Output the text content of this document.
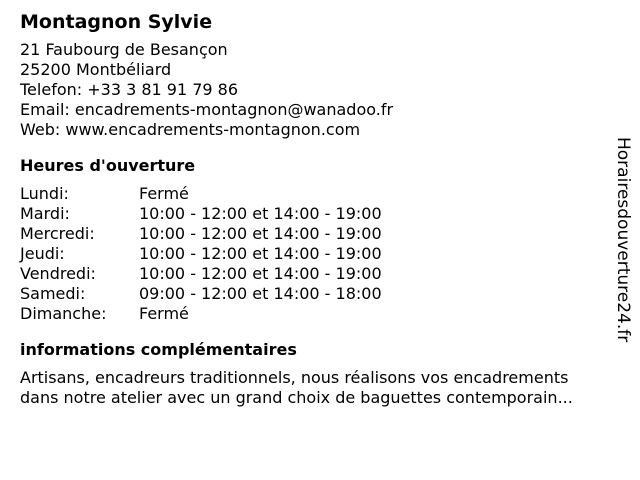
Montagnon Sylvie
21 Faubourg de Besançon
25200 Montbéliard
Telefon: +33 3 81 91 79 86
Email: encadrements-montagnon@wanadoo.fr
Web: www.encadrements-montagnon.com
Heures d'ouverture
Lundi:	Fermé
Mardi:	10:00 - 12:00 et 14:00 - 19:00
Mercredi:	10:00 - 12:00 et 14:00 - 19:00
Jeudi:	10:00 - 12:00 et 14:00 - 19:00
Vendredi:	10:00 - 12:00 et 14:00 - 19:00
Samedi:	09:00 - 12:00 et 14:00 - 18:00
Dimanche:	Fermé
informations complémentaires
Artisans, encadreurs traditionnels, nous réalisons vos encadrements
dans notre atelier avec un grand choix de baguettes contemporain...
Horairesdouverture24.fr
